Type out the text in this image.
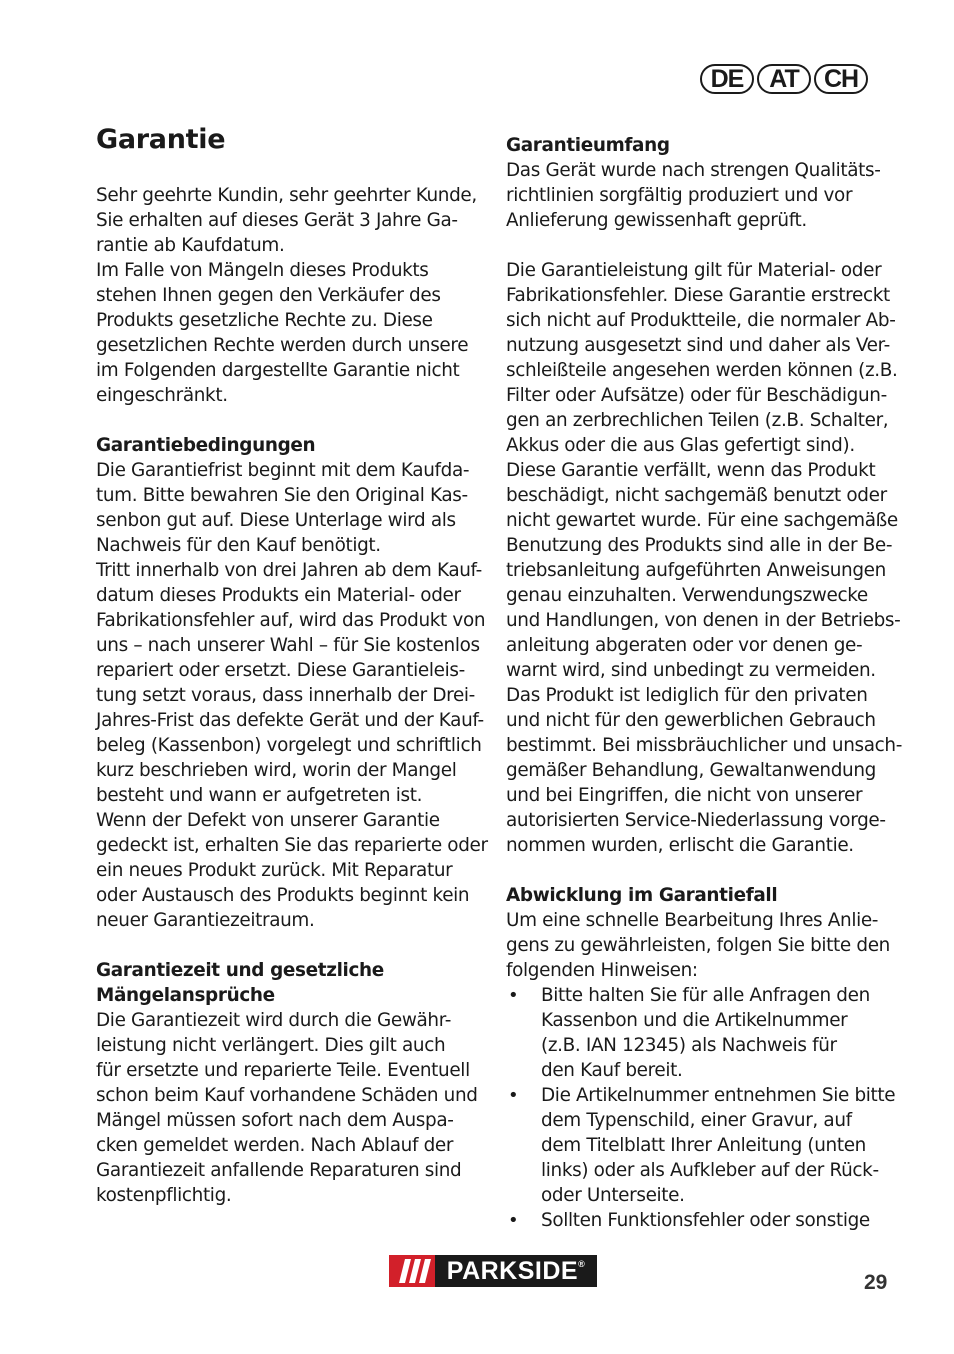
DE	AT	CH
Garantie
Sehr geehrte Kundin, sehr geehrter Kunde,
Sie erhalten auf dieses Gerät 3 Jahre Ga-
rantie ab Kaufdatum.
Im Falle von Mängeln dieses Produkts
stehen Ihnen gegen den Verkäufer des
Produkts gesetzliche Rechte zu. Diese
gesetzlichen Rechte werden durch unsere
im Folgenden dargestellte Garantie nicht
eingeschränkt.
Garantiebedingungen
Die Garantiefrist beginnt mit dem Kaufda-
tum. Bitte bewahren Sie den Original Kas-
senbon gut auf. Diese Unterlage wird als
Nachweis für den Kauf benötigt.
Tritt innerhalb von drei Jahren ab dem Kauf-
datum dieses Produkts ein Material- oder
Fabrikationsfehler auf, wird das Produkt von
uns – nach unserer Wahl – für Sie kostenlos
repariert oder ersetzt. Diese Garantieleis-
tung setzt voraus, dass innerhalb der Drei-
Jahres-Frist das defekte Gerät und der Kauf-
beleg (Kassenbon) vorgelegt und schriftlich
kurz beschrieben wird, worin der Mangel
besteht und wann er aufgetreten ist.
Wenn der Defekt von unserer Garantie
gedeckt ist, erhalten Sie das reparierte oder
ein neues Produkt zurück. Mit Reparatur
oder Austausch des Produkts beginnt kein
neuer Garantiezeitraum.
Garantiezeit und gesetzliche
Mängelansprüche
Die Garantiezeit wird durch die Gewähr-
leistung nicht verlängert. Dies gilt auch
für ersetzte und reparierte Teile. Eventuell
schon beim Kauf vorhandene Schäden und
Mängel müssen sofort nach dem Auspa-
cken gemeldet werden. Nach Ablauf der
Garantiezeit anfallende Reparaturen sind
kostenpflichtig.
Garantieumfang
Das Gerät wurde nach strengen Qualitäts-
richtlinien sorgfältig produziert und vor
Anlieferung gewissenhaft geprüft.
Die Garantieleistung gilt für Material- oder
Fabrikationsfehler. Diese Garantie erstreckt
sich nicht auf Produktteile, die normaler Ab-
nutzung ausgesetzt sind und daher als Ver-
schleißteile angesehen werden können (z.B.
Filter oder Aufsätze) oder für Beschädigun-
gen an zerbrechlichen Teilen (z.B. Schalter,
Akkus oder die aus Glas gefertigt sind).
Diese Garantie verfällt, wenn das Produkt
beschädigt, nicht sachgemäß benutzt oder
nicht gewartet wurde. Für eine sachgemäße
Benutzung des Produkts sind alle in der Be-
triebsanleitung aufgeführten Anweisungen
genau einzuhalten. Verwendungszwecke
und Handlungen, von denen in der Betriebs-
anleitung abgeraten oder vor denen ge-
warnt wird, sind unbedingt zu vermeiden.
Das Produkt ist lediglich für den privaten
und nicht für den gewerblichen Gebrauch
bestimmt. Bei missbräuchlicher und unsach-
gemäßer Behandlung, Gewaltanwendung
und bei Eingriffen, die nicht von unserer
autorisierten Service-Niederlassung vorge-
nommen wurden, erlischt die Garantie.
Abwicklung im Garantiefall
Um eine schnelle Bearbeitung Ihres Anlie-
gens zu gewährleisten, folgen Sie bitte den
folgenden Hinweisen:
• Bitte halten Sie für alle Anfragen den
Kassenbon und die Artikelnummer
(z.B. IAN 12345) als Nachweis für
den Kauf bereit.
• Die Artikelnummer entnehmen Sie bitte
dem Typenschild, einer Gravur, auf
dem Titelblatt Ihrer Anleitung (unten
links) oder als Aufkleber auf der Rück-
oder Unterseite.
• Sollten Funktionsfehler oder sonstige
PARKSIDE ®
29
